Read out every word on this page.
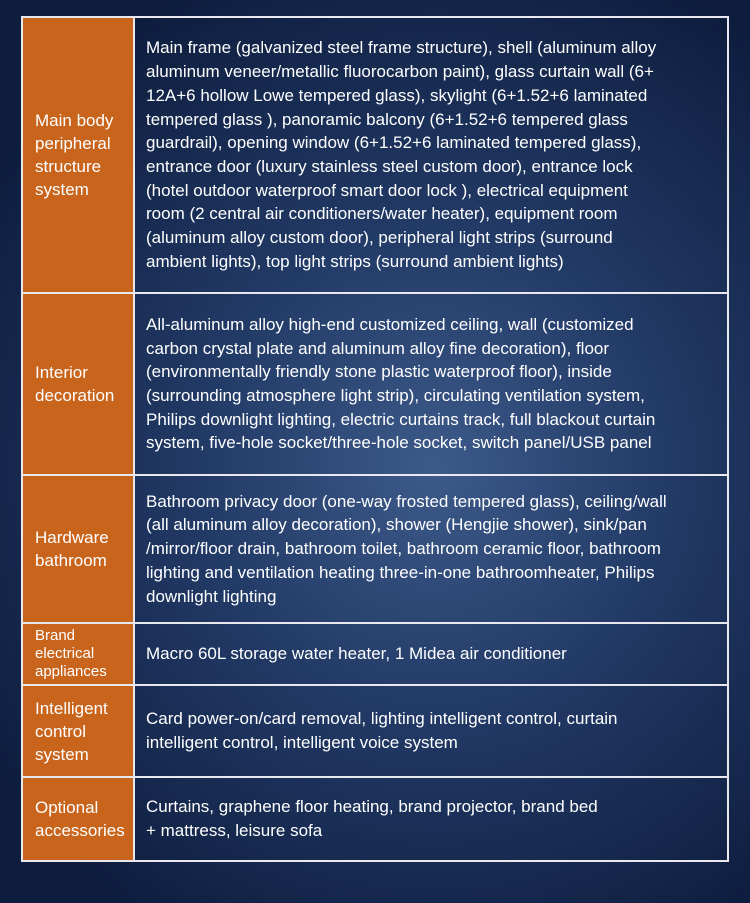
Main body
peripheral
structure
system
Main frame (galvanized steel frame structure), shell (aluminum alloy
aluminum veneer/metallic fluorocarbon paint), glass curtain wall (6+
12A+6 hollow Lowe tempered glass), skylight (6+1.52+6 laminated
tempered glass ), panoramic balcony (6+1.52+6 tempered glass
guardrail), opening window (6+1.52+6 laminated tempered glass),
entrance door (luxury stainless steel custom door), entrance lock
(hotel outdoor waterproof smart door lock ), electrical equipment
room (2 central air conditioners/water heater), equipment room
(aluminum alloy custom door), peripheral light strips (surround
ambient lights), top light strips (surround ambient lights)
Interior
decoration
All-aluminum alloy high-end customized ceiling, wall (customized
carbon crystal plate and aluminum alloy fine decoration), floor
(environmentally friendly stone plastic waterproof floor), inside
(surrounding atmosphere light strip), circulating ventilation system,
Philips downlight lighting, electric curtains track, full blackout curtain
system, five-hole socket/three-hole socket, switch panel/USB panel
Hardware
bathroom
Bathroom privacy door (one-way frosted tempered glass), ceiling/wall
(all aluminum alloy decoration), shower (Hengjie shower), sink/pan
/mirror/floor drain, bathroom toilet, bathroom ceramic floor, bathroom
lighting and ventilation heating three-in-one bathroomheater, Philips
downlight lighting
Brand
electrical
appliances
Macro 60L storage water heater, 1 Midea air conditioner
Intelligent
control
system
Card power-on/card removal, lighting intelligent control, curtain
intelligent control, intelligent voice system
Optional
accessories
Curtains, graphene floor heating, brand projector, brand bed
+ mattress, leisure sofa
